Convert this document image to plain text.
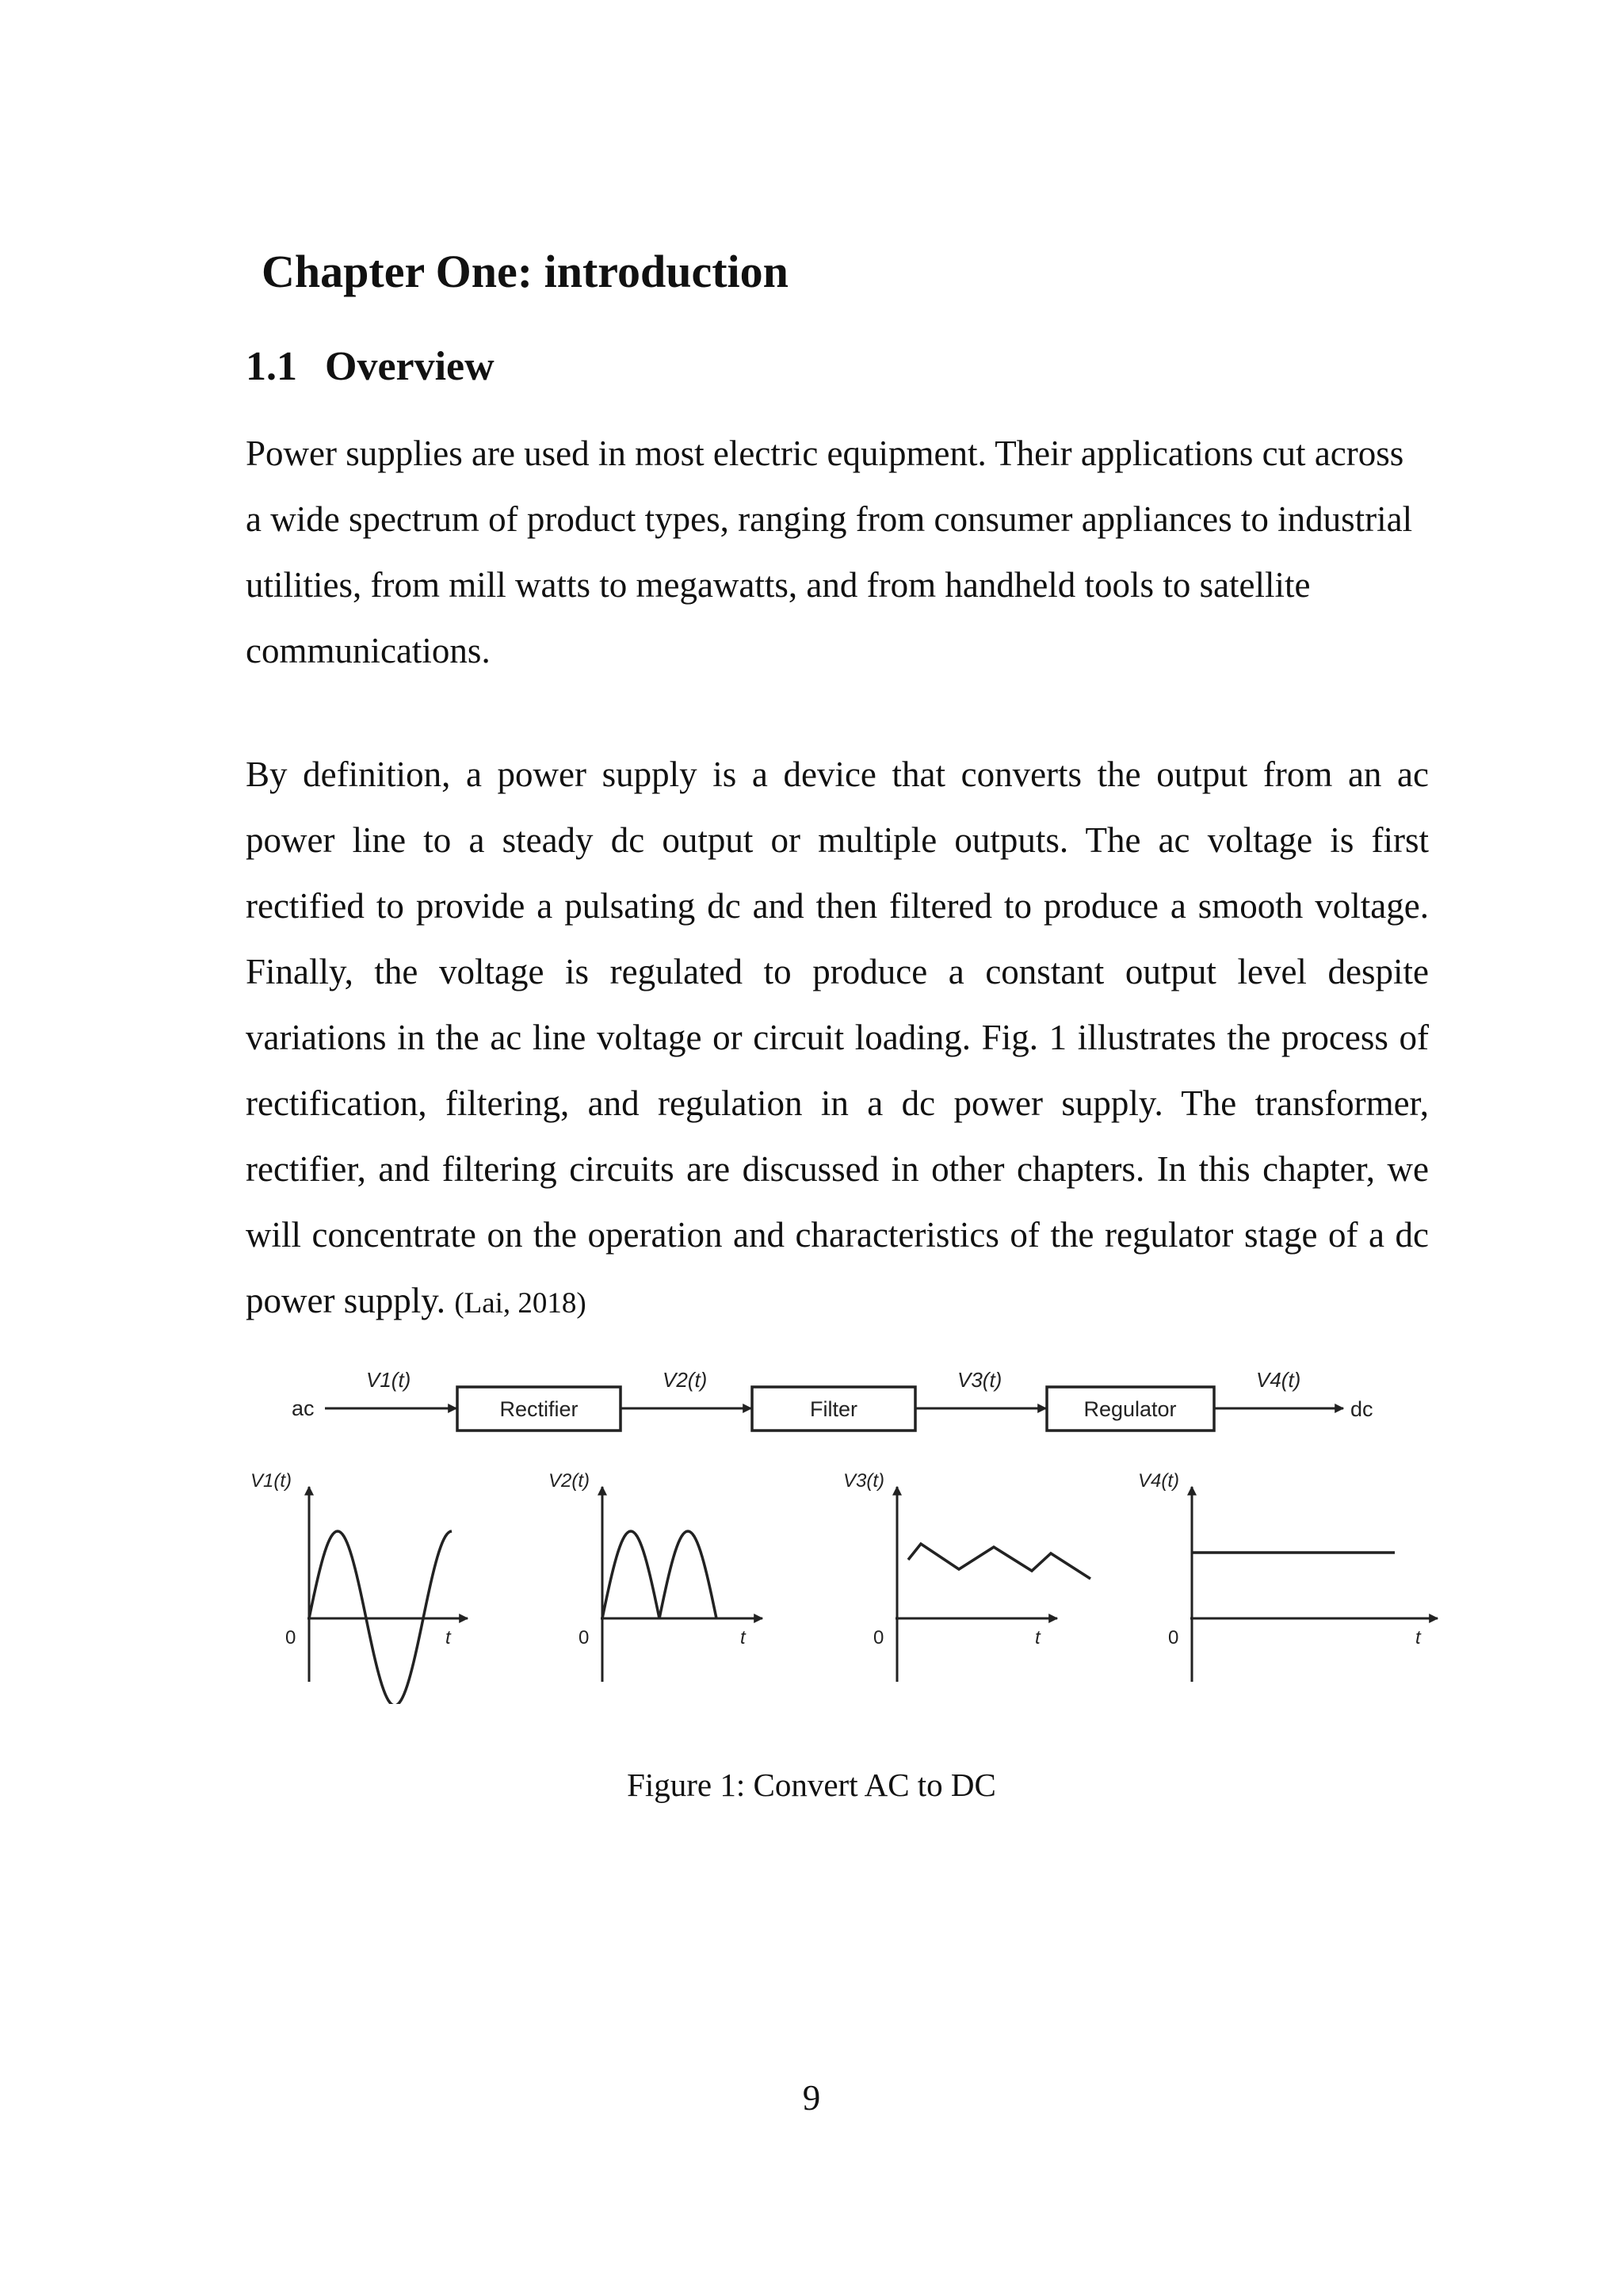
Chapter One: introduction
1.1 Overview

Power supplies are used in most electric equipment. Their applications cut across a wide spectrum of product types, ranging from consumer appliances to industrial utilities, from mill watts to megawatts, and from handheld tools to satellite communications.

By definition, a power supply is a device that converts the output from an ac power line to a steady dc output or multiple outputs. The ac voltage is first rectified to provide a pulsating dc and then filtered to produce a smooth voltage. Finally, the voltage is regulated to produce a constant output level despite variations in the ac line voltage or circuit loading. Fig. 1 illustrates the process of rectification, filtering, and regulation in a dc power supply. The transformer, rectifier, and filtering circuits are discussed in other chapters. In this chapter, we will concentrate on the operation and characteristics of the regulator stage of a dc power supply. (Lai, 2018)

ac	Rectifier	Filter	Regulator	dc
V1(t)	V2(t)	V3(t)	V4(t)
V1(t)
0	t
V2(t)
0	t
V3(t)
0	t
V4(t)
0	t

Figure 1: Convert AC to DC

9
